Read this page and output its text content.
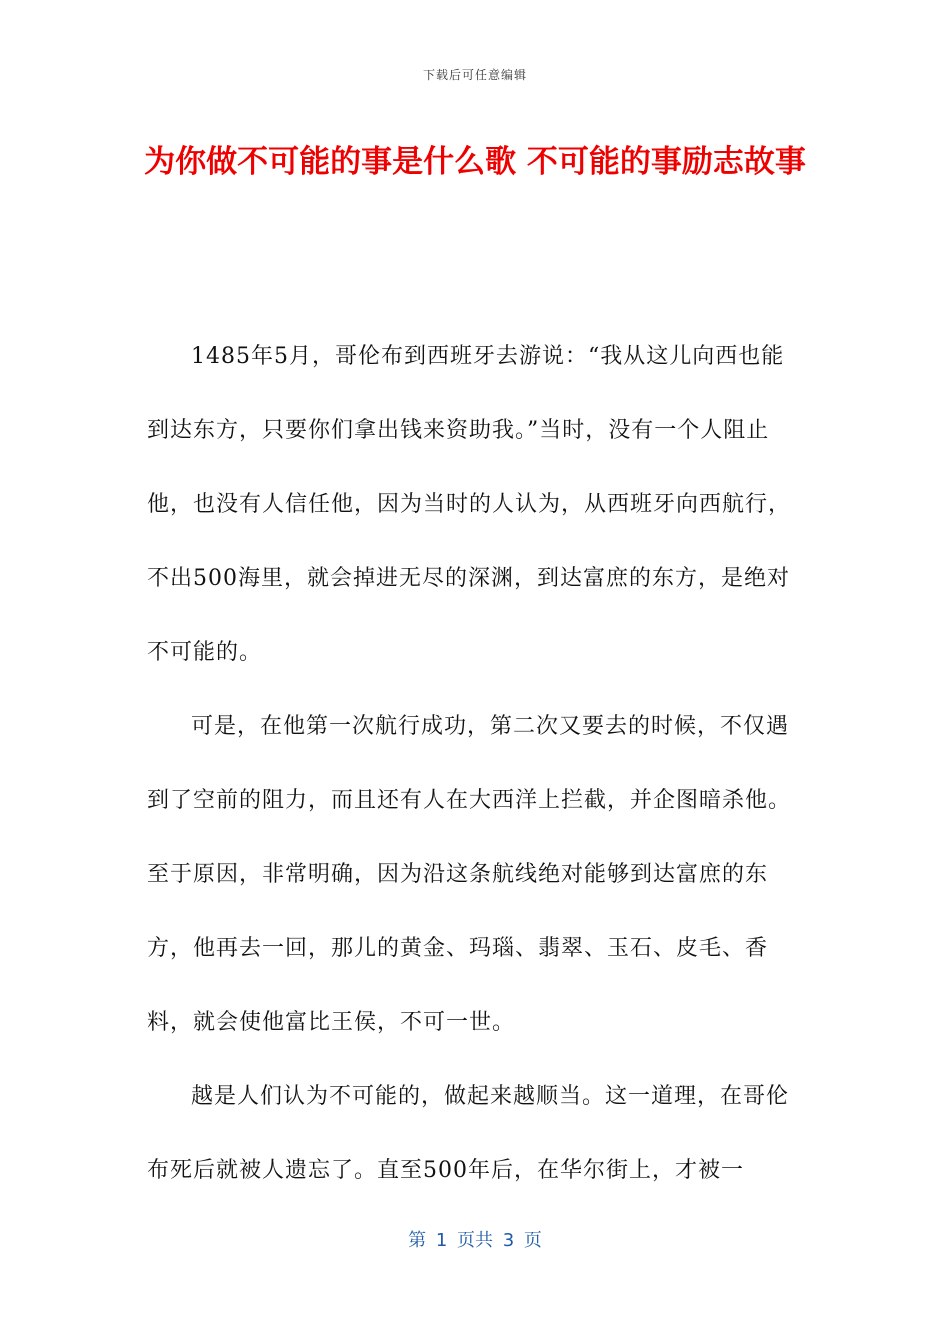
下载后可任意编辑
为你做不可能的事是什么歌 不可能的事励志故事

1485年5月，哥伦布到西班牙去游说：“我从这儿向西也能到达东方，只要你们拿出钱来资助我。”当时，没有一个人阻止他，也没有人信任他，因为当时的人认为，从西班牙向西航行，不出500海里，就会掉进无尽的深渊，到达富庶的东方，是绝对不可能的。

可是，在他第一次航行成功，第二次又要去的时候，不仅遇到了空前的阻力，而且还有人在大西洋上拦截，并企图暗杀他。至于原因，非常明确，因为沿这条航线绝对能够到达富庶的东方，他再去一回，那儿的黄金、玛瑙、翡翠、玉石、皮毛、香料，就会使他富比王侯，不可一世。

越是人们认为不可能的，做起来越顺当。这一道理，在哥伦布死后就被人遗忘了。直至500年后，在华尔街上，才被一

第 1 页共 3 页
